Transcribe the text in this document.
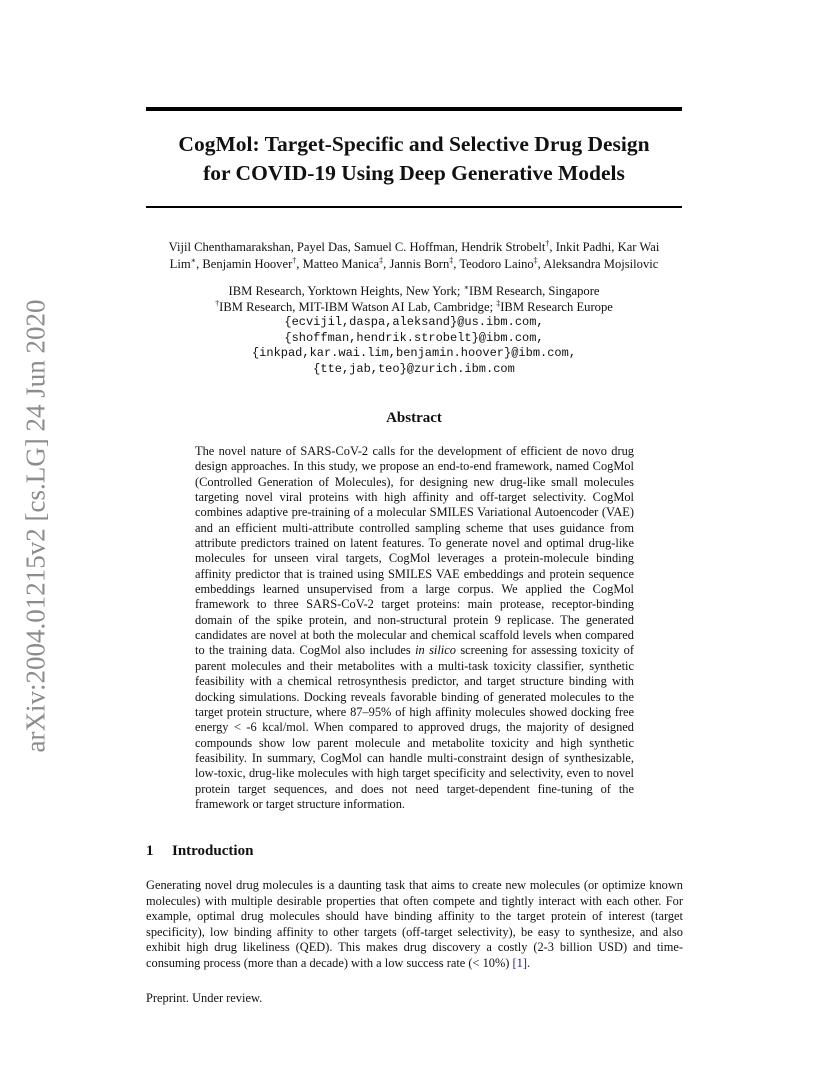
arXiv:2004.01215v2 [cs.LG] 24 Jun 2020
CogMol: Target-Specific and Selective Drug Design
for COVID-19 Using Deep Generative Models
Vijil Chenthamarakshan, Payel Das, Samuel C. Hoffman, Hendrik Strobelt†, Inkit Padhi, Kar Wai
Lim∗, Benjamin Hoover†, Matteo Manica‡, Jannis Born‡, Teodoro Laino‡, Aleksandra Mojsilovic
IBM Research, Yorktown Heights, New York; ∗IBM Research, Singapore
†IBM Research, MIT-IBM Watson AI Lab, Cambridge; ‡IBM Research Europe
{ecvijil,daspa,aleksand}@us.ibm.com,
{shoffman,hendrik.strobelt}@ibm.com,
{inkpad,kar.wai.lim,benjamin.hoover}@ibm.com,
{tte,jab,teo}@zurich.ibm.com
Abstract

The novel nature of SARS-CoV-2 calls for the development of efficient de novo drug design approaches. In this study, we propose an end-to-end framework, named CogMol (Controlled Generation of Molecules), for designing new drug-like small molecules targeting novel viral proteins with high affinity and off-target selectivity. CogMol combines adaptive pre-training of a molecular SMILES Variational Autoencoder (VAE) and an efficient multi-attribute controlled sampling scheme that uses guidance from attribute predictors trained on latent features. To generate novel and optimal drug-like molecules for unseen viral targets, CogMol leverages a protein-molecule binding affinity predictor that is trained using SMILES VAE embeddings and protein sequence embeddings learned unsupervised from a large corpus. We applied the CogMol framework to three SARS-CoV-2 target proteins: main protease, receptor-binding domain of the spike protein, and non-structural protein 9 replicase. The generated candidates are novel at both the molecular and chemical scaffold levels when compared to the training data. CogMol also includes in silico screening for assessing toxicity of parent molecules and their metabolites with a multi-task toxicity classifier, synthetic feasibility with a chemical retrosynthesis predictor, and target structure binding with docking simulations. Docking reveals favorable binding of generated molecules to the target protein structure, where 87–95% of high affinity molecules showed docking free energy < -6 kcal/mol. When compared to approved drugs, the majority of designed compounds show low parent molecule and metabolite toxicity and high synthetic feasibility. In summary, CogMol can handle multi-constraint design of synthesizable, low-toxic, drug-like molecules with high target specificity and selectivity, even to novel protein target sequences, and does not need target-dependent fine-tuning of the framework or target structure information.

1 Introduction

Generating novel drug molecules is a daunting task that aims to create new molecules (or optimize known molecules) with multiple desirable properties that often compete and tightly interact with each other. For example, optimal drug molecules should have binding affinity to the target protein of interest (target specificity), low binding affinity to other targets (off-target selectivity), be easy to synthesize, and also exhibit high drug likeliness (QED). This makes drug discovery a costly (2-3 billion USD) and time-consuming process (more than a decade) with a low success rate (< 10%) [1].

Preprint. Under review.
